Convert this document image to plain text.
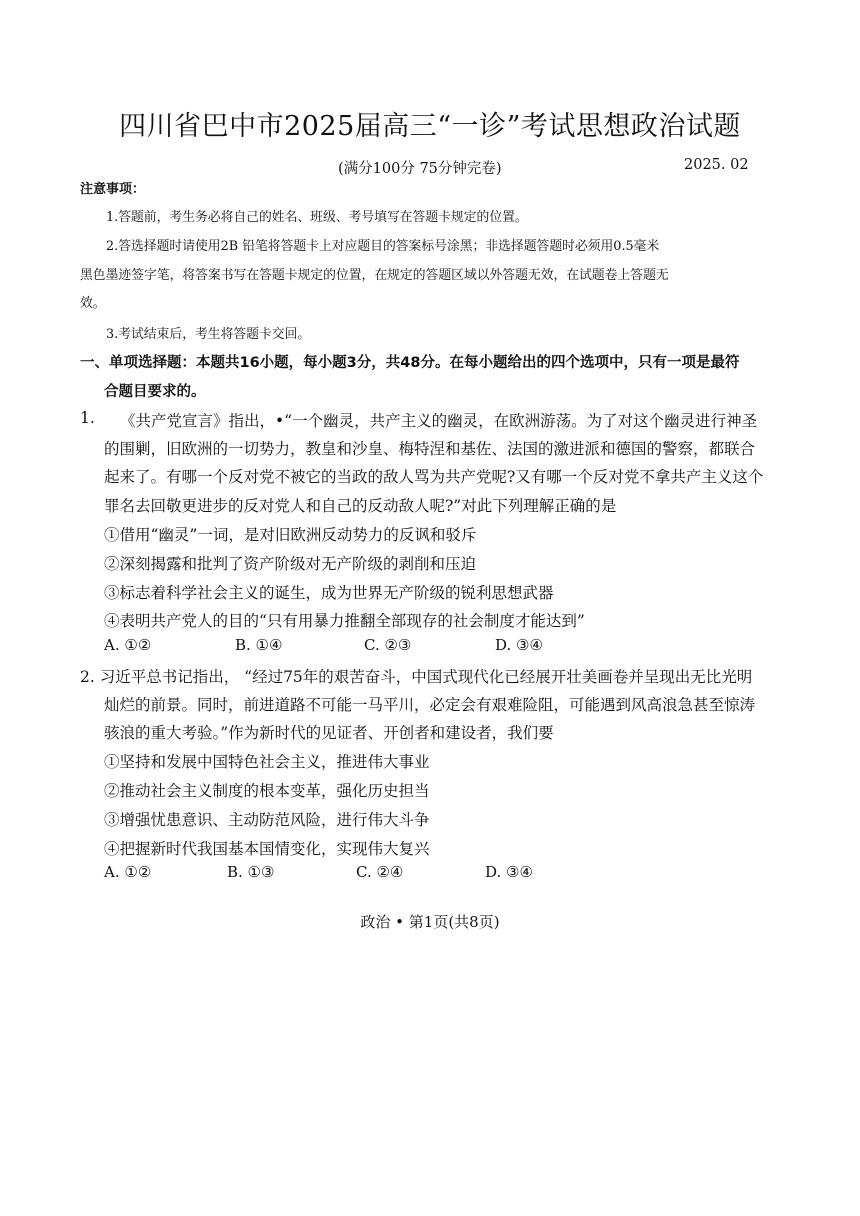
四川省巴中市2025届高三“一诊”考试思想政治试题
(满分100分 75分钟完卷)	2025. 02
注意事项：
1.答题前，考生务必将自己的姓名、班级、考号填写在答题卡规定的位置。
2.答选择题时请使用2B 铅笔将答题卡上对应题目的答案标号涂黑；非选择题答题时必须用0.5毫米
黑色墨迹签字笔，将答案书写在答题卡规定的位置，在规定的答题区域以外答题无效，在试题卷上答题无
效。
3.考试结束后，考生将答题卡交回。
一、单项选择题：本题共16小题，每小题3分，共48分。在每小题给出的四个选项中，只有一项是最符
合题目要求的。
1. 《共产党宣言》指出，•“一个幽灵，共产主义的幽灵，在欧洲游荡。为了对这个幽灵进行神圣
的围剿，旧欧洲的一切势力，教皇和沙皇、梅特涅和基佐、法国的激进派和德国的警察，都联合
起来了。有哪一个反对党不被它的当政的敌人骂为共产党呢?又有哪一个反对党不拿共产主义这个
罪名去回敬更进步的反对党人和自己的反动敌人呢?”对此下列理解正确的是
①借用“幽灵”一词，是对旧欧洲反动势力的反讽和驳斥
②深刻揭露和批判了资产阶级对无产阶级的剥削和压迫
③标志着科学社会主义的诞生，成为世界无产阶级的锐利思想武器
④表明共产党人的目的“只有用暴力推翻全部现存的社会制度才能达到”
A. ①②	B. ①④	C. ②③	D. ③④
2. 习近平总书记指出， “经过75年的艰苦奋斗，中国式现代化已经展开壮美画卷并呈现出无比光明
灿烂的前景。同时，前进道路不可能一马平川，必定会有艰难险阻，可能遇到风高浪急甚至惊涛
骇浪的重大考验。”作为新时代的见证者、开创者和建设者，我们要
①坚持和发展中国特色社会主义，推进伟大事业
②推动社会主义制度的根本变革，强化历史担当
③增强忧患意识、主动防范风险，进行伟大斗争
④把握新时代我国基本国情变化，实现伟大复兴
A. ①②	B. ①③	C. ②④	D. ③④
政治 • 第1页(共8页)
